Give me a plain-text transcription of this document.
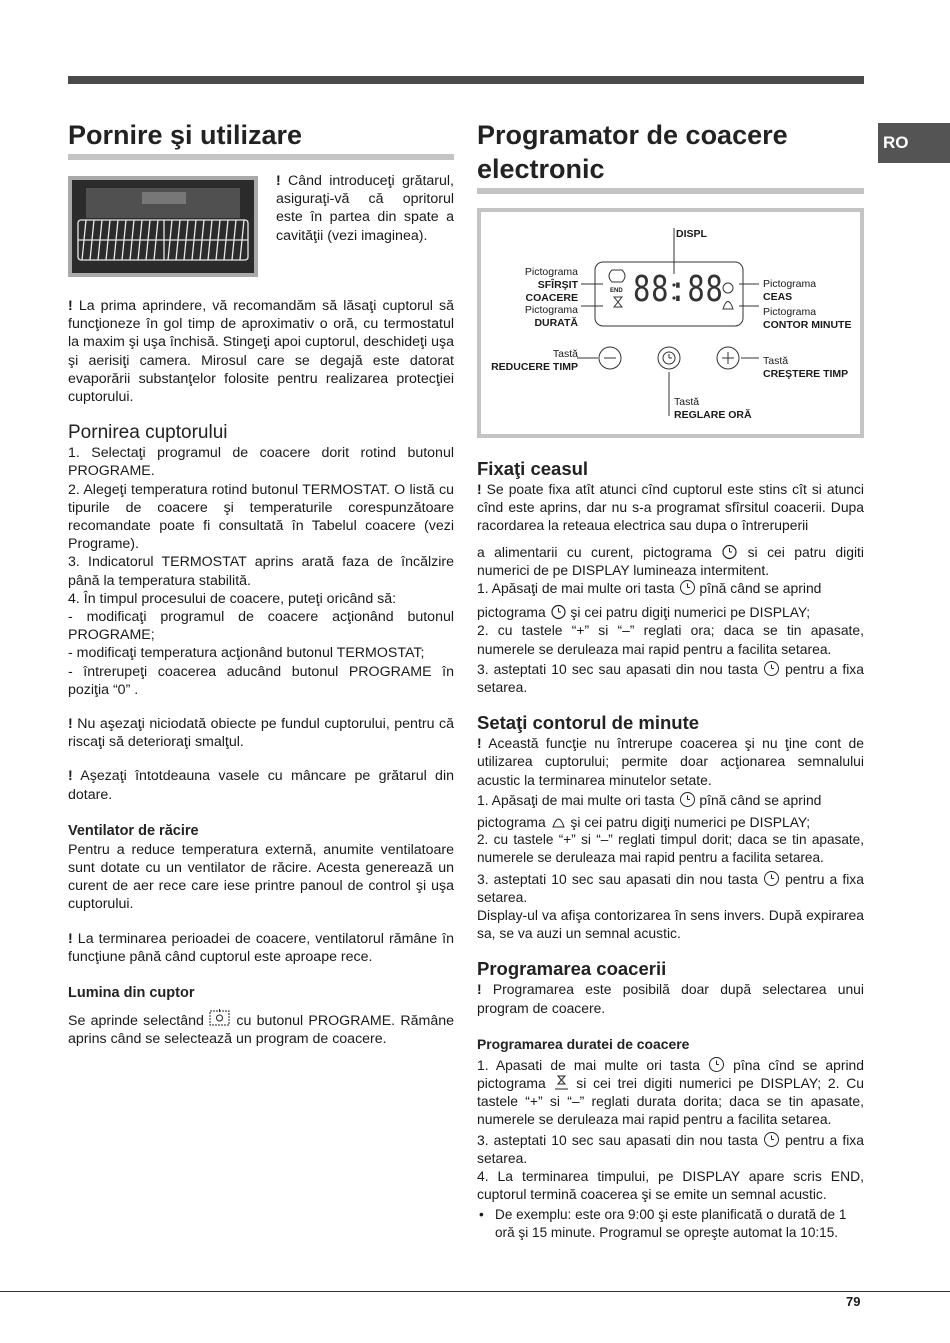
RO
Pornire şi utilizare

! Când introduceţi grătarul, asiguraţi-vă că opritorul este în partea din spate a cavităţii (vezi imaginea).

! La prima aprindere, vă recomandăm să lăsaţi cuptorul să funcţioneze în gol timp de aproximativ o oră, cu termostatul la maxim şi uşa închisă. Stingeţi apoi cuptorul, deschideţi uşa şi aerisiţi camera. Mirosul care se degajă este datorat evaporării substanţelor folosite pentru realizarea protecţiei cuptorului.

Pornirea cuptorului

1. Selectaţi programul de coacere dorit rotind butonul PROGRAME.

2. Alegeţi temperatura rotind butonul TERMOSTAT. O listă cu tipurile de coacere şi temperaturile corespunzătoare recomandate poate fi consultată în Tabelul coacere (vezi Programe).

3. Indicatorul TERMOSTAT aprins arată faza de încălzire până la temperatura stabilită.

4. În timpul procesului de coacere, puteţi oricând să:

- modificaţi programul de coacere acţionând butonul PROGRAME;

- modificaţi temperatura acţionând butonul TERMOSTAT;

- întrerupeţi coacerea aducând butonul PROGRAME în poziţia “0” .

! Nu aşezaţi niciodată obiecte pe fundul cuptorului, pentru că riscaţi să deterioraţi smalţul.

! Aşezaţi întotdeauna vasele cu mâncare pe grătarul din dotare.

Ventilator de răcire

Pentru a reduce temperatura externă, anumite ventilatoare sunt dotate cu un ventilator de răcire. Acesta generează un curent de aer rece care iese printre panoul de control şi uşa cuptorului.

! La terminarea perioadei de coacere, ventilatorul rămâne în funcţiune până când cuptorul este aproape rece.

Lumina din cuptor

Se aprinde selectând  cu butonul PROGRAME. Rămâne aprins când se selectează un program de coacere.

Programator de coacere electronic
DISPL
88:88
END
Pictograma
SFÎRŞIT
COACERE
Pictograma
DURATĂ
Pictograma
CEAS
Pictograma
CONTOR MINUTE
Tastă
REDUCERE TIMP	Tastă
CREŞTERE TIMP
Tastă
REGLARE ORĂ
Fixaţi ceasul

! Se poate fixa atît atunci cînd cuptorul este stins cît si atunci cînd este aprins, dar nu s-a programat sfîrsitul coacerii. Dupa racordarea la reteaua electrica sau dupa o întreruperii

a alimentarii cu curent, pictograma  si cei patru digiti numerici de pe DISPLAY lumineaza intermitent.

1. Apăsaţi de mai multe ori tasta  pînă când se aprind

pictograma  şi cei patru digiţi numerici pe DISPLAY;

2. cu tastele “+” si “–” reglati ora; daca se tin apasate, numerele se deruleaza mai rapid pentru a facilita setarea.

3. asteptati 10 sec sau apasati din nou tasta  pentru a fixa setarea.

Setaţi contorul de minute

! Această funcţie nu întrerupe coacerea şi nu ţine cont de utilizarea cuptorului; permite doar acţionarea semnalului acustic la terminarea minutelor setate.

1. Apăsaţi de mai multe ori tasta  pînă când se aprind

pictograma  şi cei patru digiţi numerici pe DISPLAY;

2. cu tastele “+” si “–” reglati timpul dorit; daca se tin apasate, numerele se deruleaza mai rapid pentru a facilita setarea.

3. asteptati 10 sec sau apasati din nou tasta  pentru a fixa setarea.

Display-ul va afişa contorizarea în sens invers. După expirarea sa, se va auzi un semnal acustic.

Programarea coacerii

! Programarea este posibilă doar după selectarea unui program de coacere.

Programarea duratei de coacere

1. Apasati de mai multe ori tasta  pîna cînd se aprind pictograma  si cei trei digiti numerici pe DISPLAY; 2. Cu tastele “+” si “–” reglati durata dorita; daca se tin apasate, numerele se deruleaza mai rapid pentru a facilita setarea.

3. asteptati 10 sec sau apasati din nou tasta  pentru a fixa setarea.

4. La terminarea timpului, pe DISPLAY apare scris END, cuptorul termină coacerea şi se emite un semnal acustic.

• De exemplu: este ora 9:00 şi este planificată o durată de 1 oră şi 15 minute. Programul se opreşte automat la 10:15.
79
